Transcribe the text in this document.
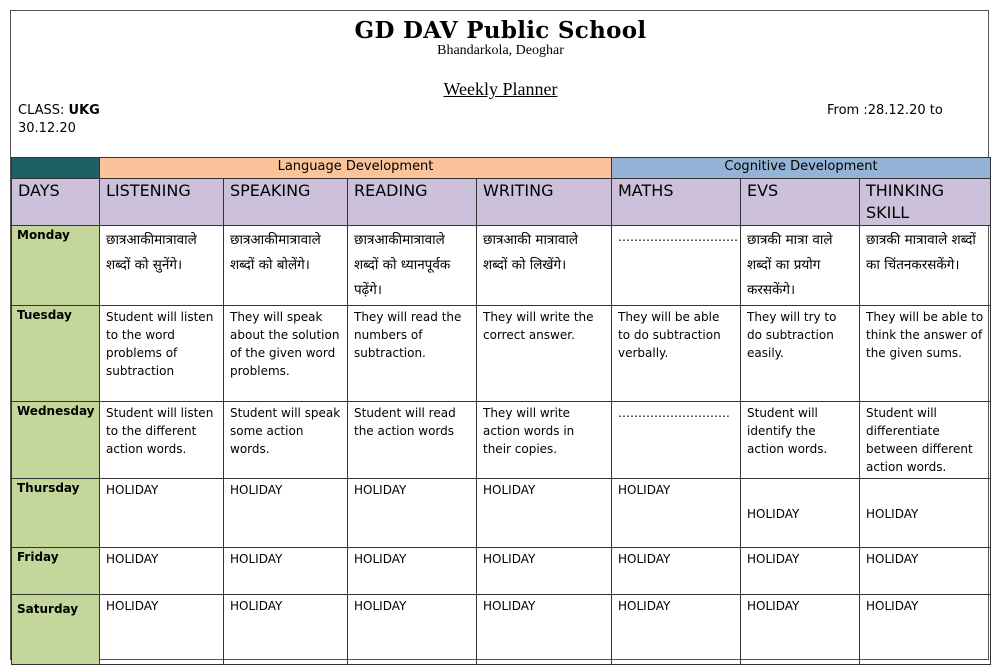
GD DAV Public School
Bhandarkola, Deoghar
Weekly Planner
CLASS: UKG	From :28.12.20 to
30.12.20
	Language Development				Cognitive Development		
DAYS	LISTENING	SPEAKING	READING	WRITING	MATHS	EVS	THINKING SKILL
Monday	छात्रआकीमात्रावाले शब्दों को सुनेंगे।	छात्रआकीमात्रावाले शब्दों को बोलेंगे।	छात्रआकीमात्रावाले शब्दों को ध्यानपूर्वक पढ़ेंगे।	छात्रआकी मात्रावाले शब्दों को लिखेंगे।	…………………………	छात्रकी मात्रा वाले शब्दों का प्रयोग करसकेंगे।	छात्रकी मात्रावाले शब्दों का चिंतनकरसकेंगे।
Tuesday	Student will listen to the word problems of subtraction	They will speak about the solution of the given word problems.	They will read the numbers of subtraction.	They will write the correct answer.	They will be able to do subtraction verbally.	They will try to do subtraction easily.	They will be able to think the answer of the given sums.
Wednesday	Student will listen to the different action words.	Student will speak some action words.	Student will read the action words	They will write action words in their copies.	……………………….	Student will identify the action words.	Student will differentiate between different action words.
Thursday	HOLIDAY	HOLIDAY	HOLIDAY	HOLIDAY	HOLIDAY	HOLIDAY	HOLIDAY
Friday	HOLIDAY	HOLIDAY	HOLIDAY	HOLIDAY	HOLIDAY	HOLIDAY	HOLIDAY
Saturday	HOLIDAY	HOLIDAY	HOLIDAY	HOLIDAY	HOLIDAY	HOLIDAY	HOLIDAY
